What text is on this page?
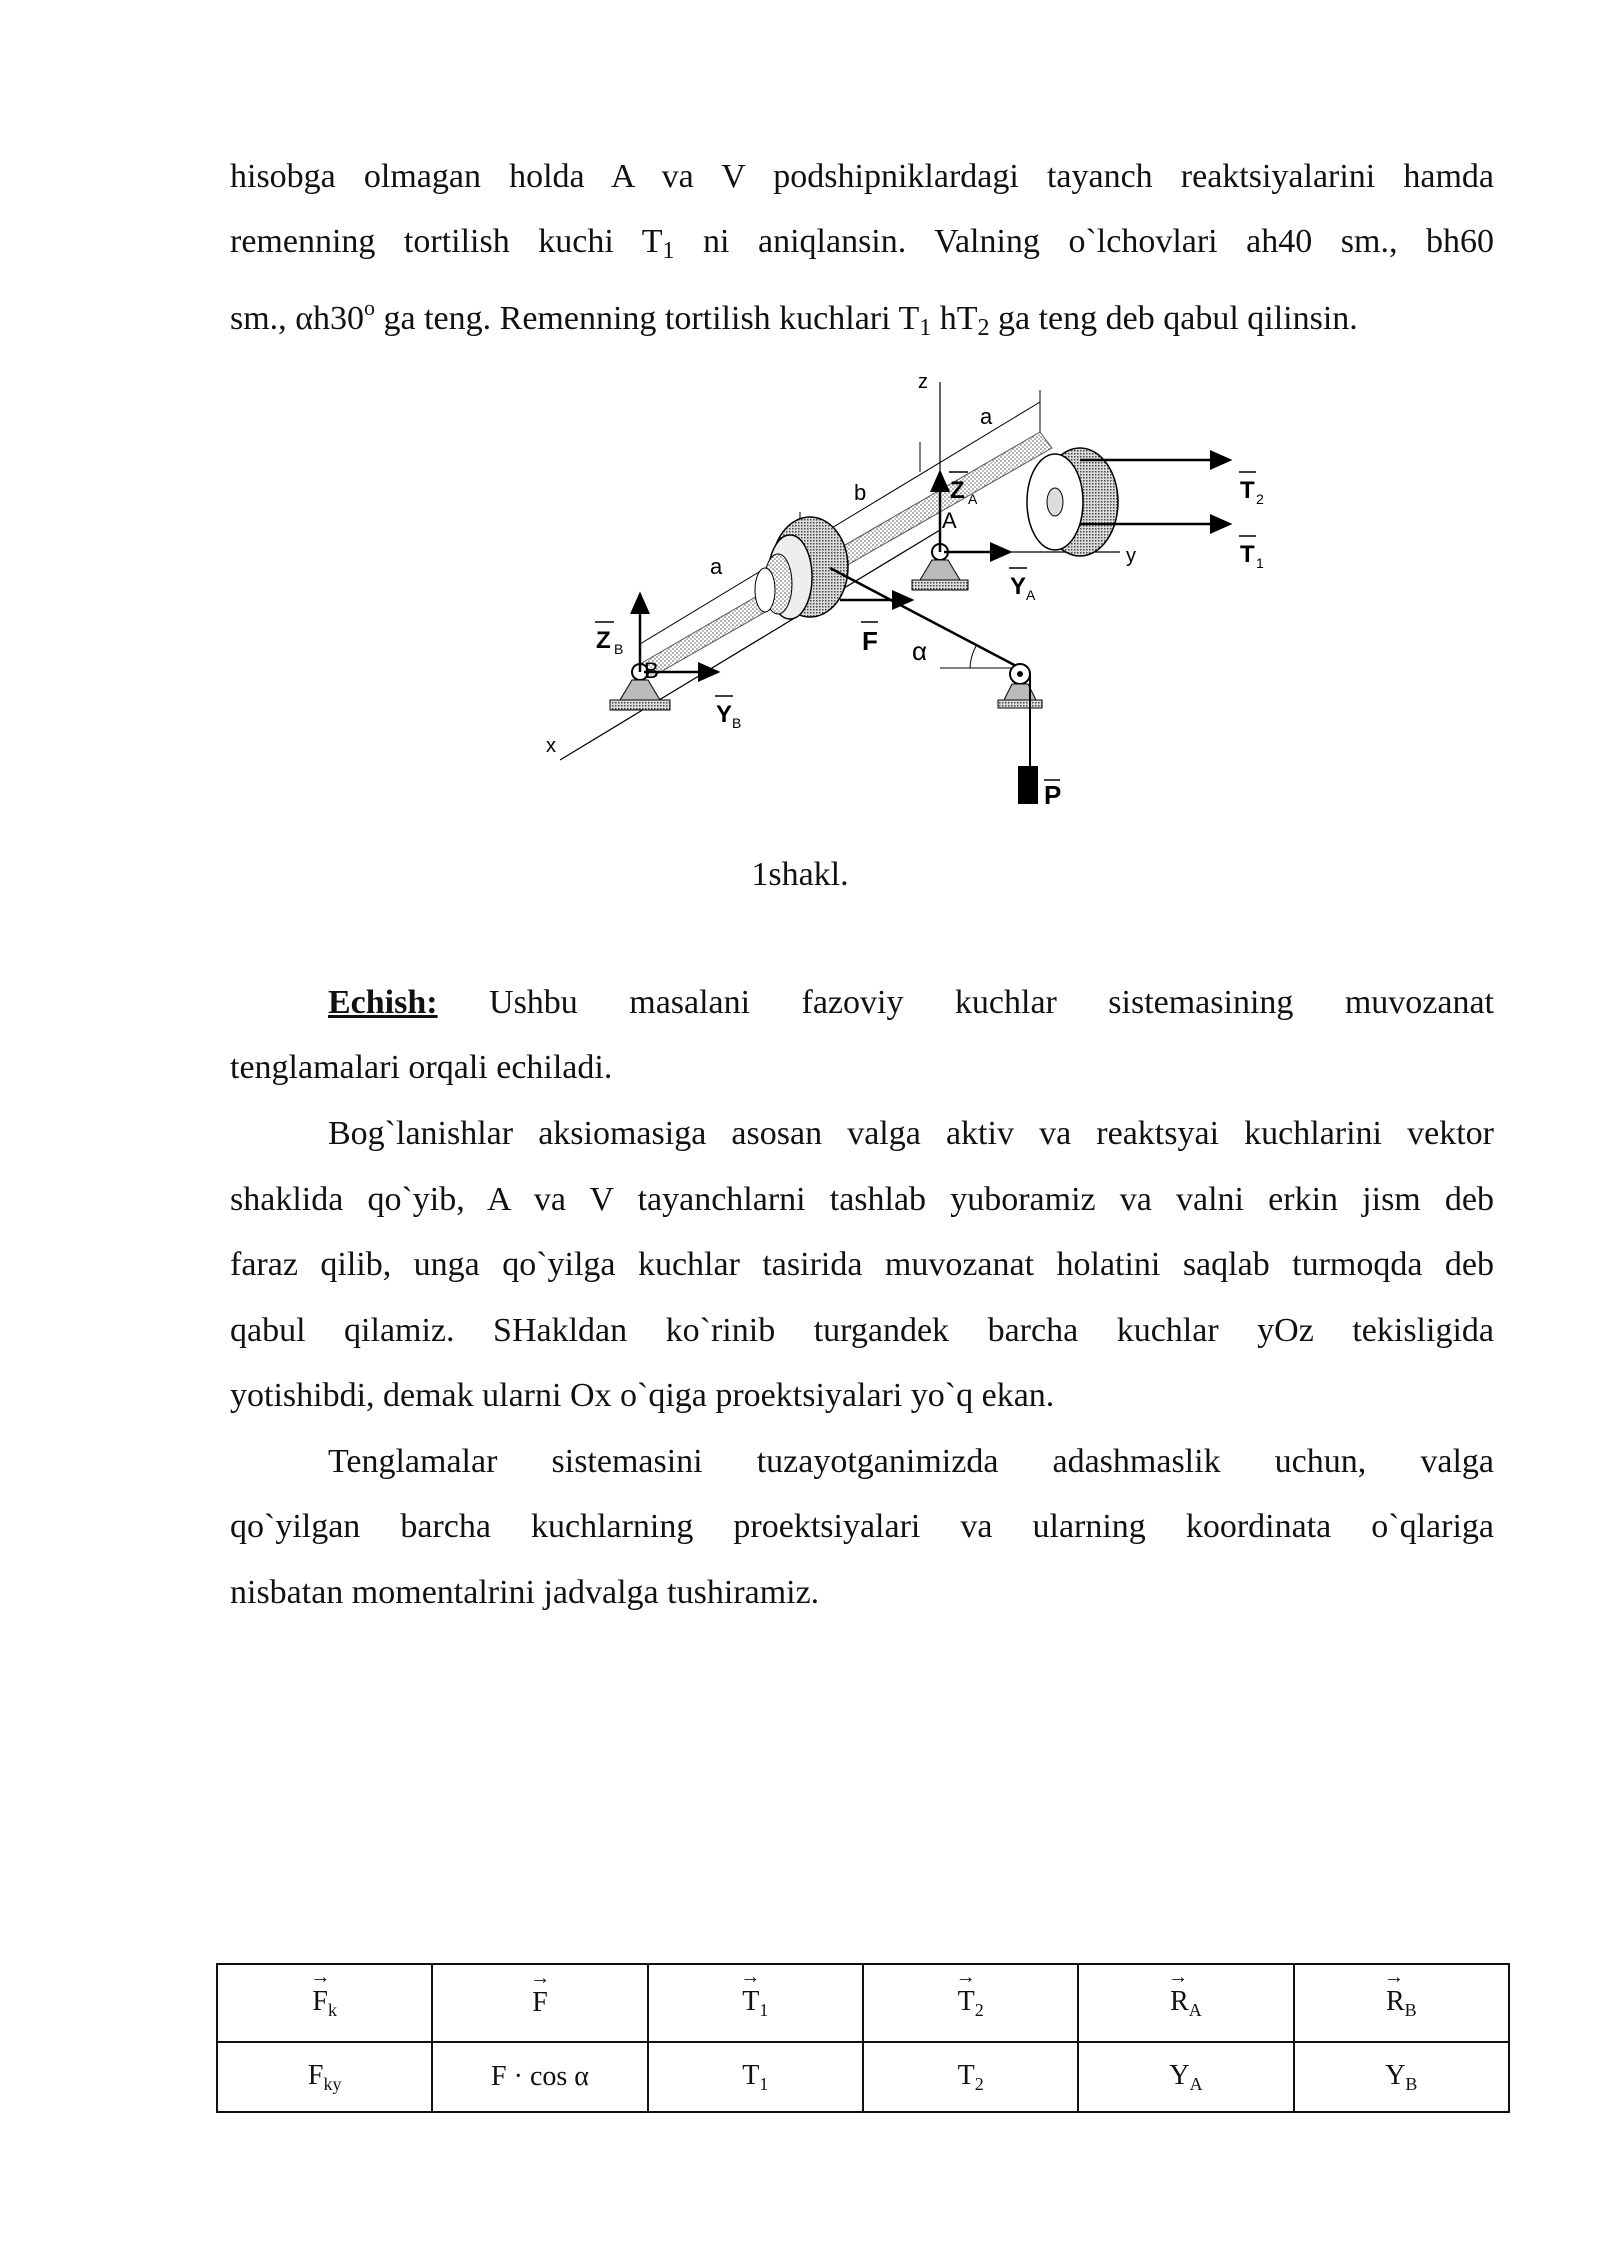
hisobga olmagan holda A va V podshipniklardagi tayanch reaktsiyalarini hamda
remenning tortilish kuchi $T_1$ ni aniqlansin. Valning o`lchovlari ah40 sm., bh60
sm., αh30$^o$ ga teng. Remenning tortilish kuchlari $T_1$ $hT_2$ ga teng deb qabul qilinsin.
x
a
b
a
z
y
T 2
T 1
Z A
A
Y A
Z B
B
Y B
F α
P
1shakl.
Echish: Ushbu masalani fazoviy kuchlar sistemasining muvozanat
tenglamalari orqali echiladi.
Bog`lanishlar aksiomasiga asosan valga aktiv va reaktsyai kuchlarini vektor
shaklida qo`yib, A va V tayanchlarni tashlab yuboramiz va valni erkin jism deb
faraz qilib, unga qo`yilga kuchlar tasirida muvozanat holatini saqlab turmoqda deb
qabul qilamiz. SHakldan ko`rinib turgandek barcha kuchlar yOz tekisligida
yotishibdi, demak ularni Ox o`qiga proektsiyalari yo`q ekan.
Tenglamalar sistemasini tuzayotganimizda adashmaslik uchun, valga
qo`yilgan barcha kuchlarning proektsiyalari va ularning koordinata o`qlariga
nisbatan momentalrini jadvalga tushiramiz.
→ $F_k$	→ F	→ $T_1$	→ $T_2$	→ $R_A$	→ $R_B$
$F_{ky}$	F · cos α	$T_1$	$T_2$	$Y_A$	$Y_B$
